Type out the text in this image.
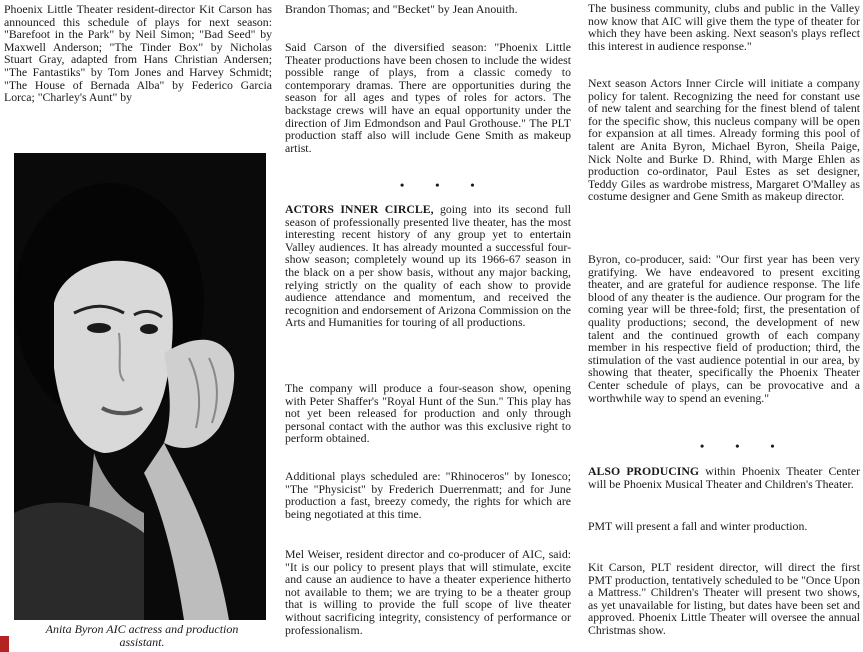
Phoenix Little Theater resident-director Kit Carson has announced this schedule of plays for next season: "Barefoot in the Park" by Neil Simon; "Bad Seed" by Maxwell Anderson; "The Tinder Box" by Nicholas Stuart Gray, adapted from Hans Christian Andersen; "The Fantastiks" by Tom Jones and Harvey Schmidt; "The House of Bernada Alba" by Federico Garcia Lorca; "Charley's Aunt" by

Anita Byron AIC actress and production assistant.
Brandon Thomas; and "Becket" by Jean Anouith.
Said Carson of the diversified season: "Phoenix Little Theater productions have been chosen to include the widest possible range of plays, from a classic comedy to contemporary dramas. There are opportunities during the season for all ages and types of roles for actors. The backstage crews will have an equal opportunity under the direction of Jim Edmondson and Paul Grothouse." The PLT production staff also will include Gene Smith as makeup artist.
• • •
ACTORS INNER CIRCLE, going into its second full season of professionally presented live theater, has the most interesting recent history of any group yet to entertain Valley audiences. It has already mounted a successful four-show season; completely wound up its 1966-67 season in the black on a per show basis, without any major backing, relying strictly on the quality of each show to provide audience attendance and momentum, and received the recognition and endorsement of Arizona Commission on the Arts and Humanities for touring of all productions.
The company will produce a four-season show, opening with Peter Shaffer's "Royal Hunt of the Sun." This play has not yet been released for production and only through personal contact with the author was this exclusive right to perform obtained.
Additional plays scheduled are: "Rhinoceros" by Ionesco; "The "Physicist" by Frederich Duerrenmatt; and for June production a fast, breezy comedy, the rights for which are being negotiated at this time.
Mel Weiser, resident director and co-producer of AIC, said: "It is our policy to present plays that will stimulate, excite and cause an audience to have a theater experience hitherto not available to them; we are trying to be a theater group that is willing to provide the full scope of live theater without sacrificing integrity, consistency of performance or professionalism.
The business community, clubs and public in the Valley now know that AIC will give them the type of theater for which they have been asking. Next season's plays reflect this interest in audience response."
Next season Actors Inner Circle will initiate a company policy for talent. Recognizing the need for constant use of new talent and searching for the finest blend of talent for the specific show, this nucleus company will be open for expansion at all times. Already forming this pool of talent are Anita Byron, Michael Byron, Sheila Paige, Nick Nolte and Burke D. Rhind, with Marge Ehlen as production co-ordinator, Paul Estes as set designer, Teddy Giles as wardrobe mistress, Margaret O'Malley as costume designer and Gene Smith as makeup director.
Byron, co-producer, said: "Our first year has been very gratifying. We have endeavored to present exciting theater, and are grateful for audience response. The life blood of any theater is the audience. Our program for the coming year will be three-fold; first, the presentation of quality productions; second, the development of new talent and the continued growth of each company member in his respective field of production; third, the stimulation of the vast audience potential in our area, by showing that theater, specifically the Phoenix Theater Center schedule of plays, can be provocative and a worthwhile way to spend an evening."
• • •
ALSO PRODUCING within Phoenix Theater Center will be Phoenix Musical Theater and Children's Theater.
PMT will present a fall and winter production.
Kit Carson, PLT resident director, will direct the first PMT production, tentatively scheduled to be "Once Upon a Mattress." Children's Theater will present two shows, as yet unavailable for listing, but dates have been set and approved. Phoenix Little Theater will oversee the annual Christmas show.
